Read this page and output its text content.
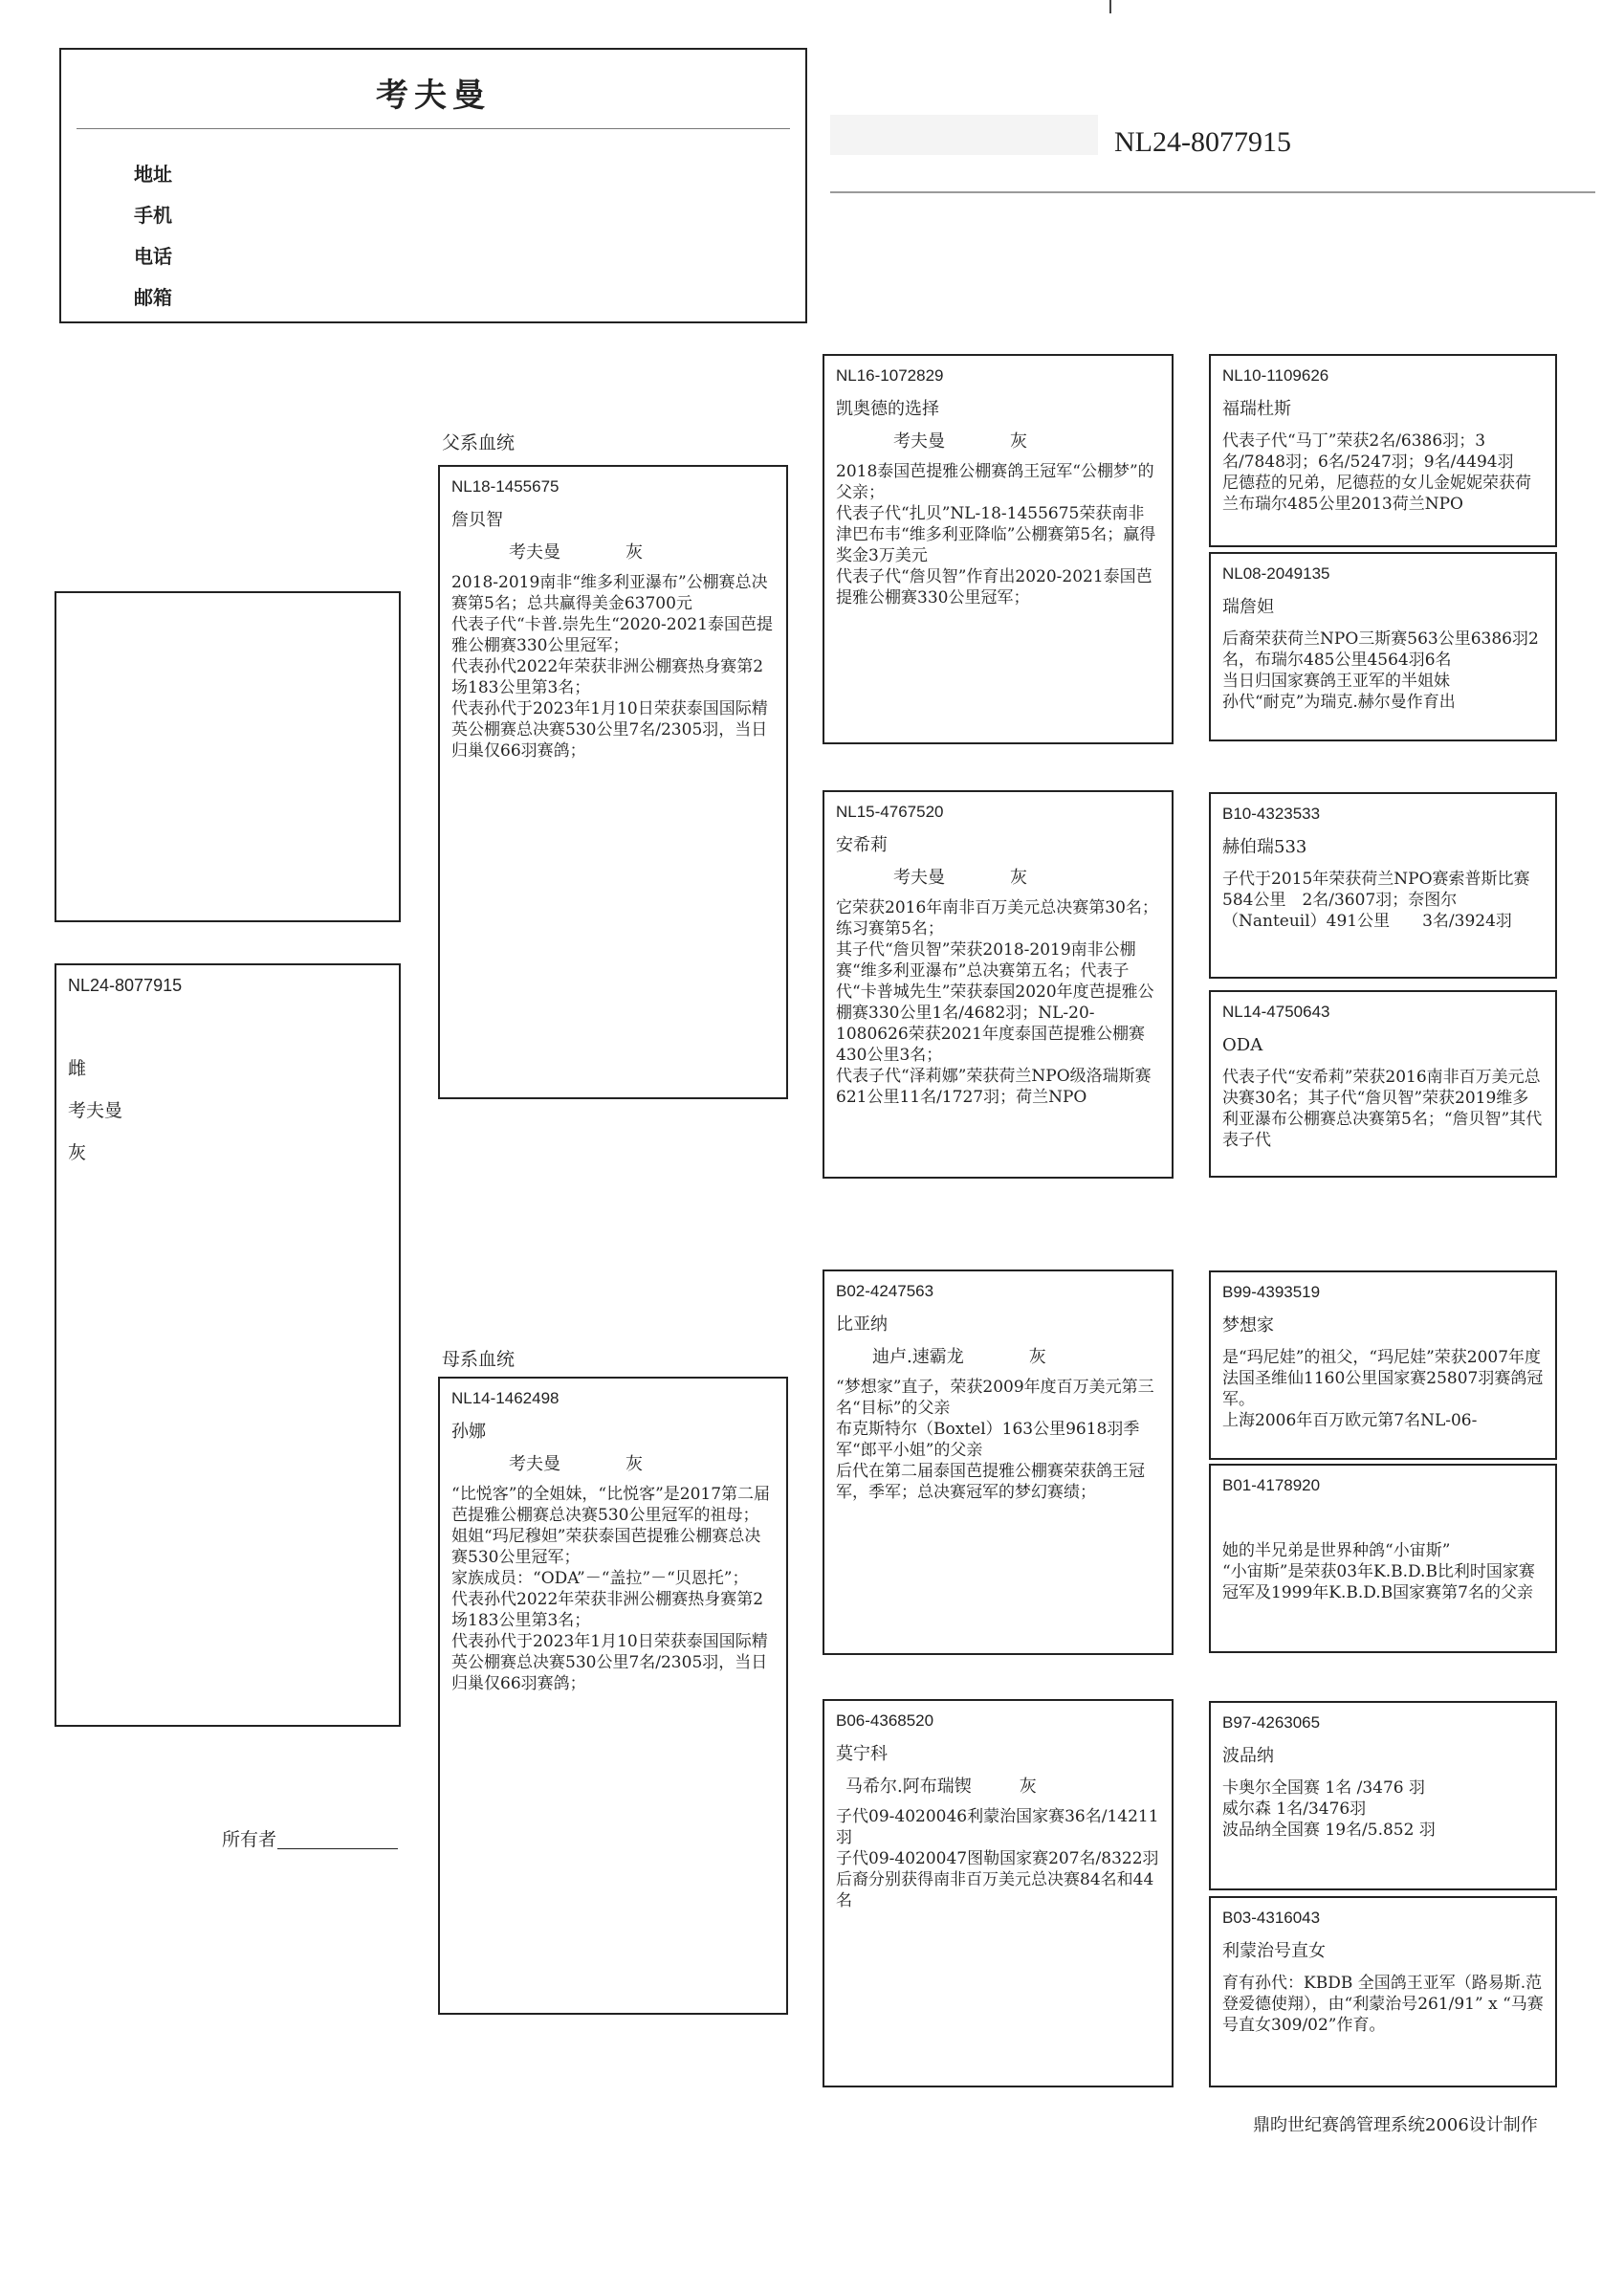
考夫曼
地址
手机
电话
邮箱
NL24-8077915
NL24-8077915
雌
考夫曼
灰
所有者
父系血统
母系血统
NL18-1455675
詹贝智
考夫曼	灰
2018-2019南非“维多利亚瀑布”公棚赛总决赛第5名；总共赢得美金63700元
代表子代“卡普.崇先生“2020-2021泰国芭提雅公棚赛330公里冠军；
代表孙代2022年荣获非洲公棚赛热身赛第2场183公里第3名；
代表孙代于2023年1月10日荣获泰国国际精英公棚赛总决赛530公里7名/2305羽，当日归巢仅66羽赛鸽；
NL14-1462498
孙娜
考夫曼	灰
“比悦客”的全姐妹，“比悦客”是2017第二届芭提雅公棚赛总决赛530公里冠军的祖母；
姐姐“玛尼穆妲”荣获泰国芭提雅公棚赛总决赛530公里冠军；
家族成员：“ODA”－“盖拉”－“贝恩托”；
代表孙代2022年荣获非洲公棚赛热身赛第2场183公里第3名；
代表孙代于2023年1月10日荣获泰国国际精英公棚赛总决赛530公里7名/2305羽，当日归巢仅66羽赛鸽；
NL16-1072829
凯奥德的选择
考夫曼	灰
2018泰国芭提雅公棚赛鸽王冠军“公棚梦”的父亲；
代表子代“扎贝”NL-18-1455675荣获南非津巴布韦“维多利亚降临”公棚赛第5名；赢得奖金3万美元
代表子代“詹贝智”作育出2020-2021泰国芭提雅公棚赛330公里冠军；
NL15-4767520
安希莉
考夫曼	灰
它荣获2016年南非百万美元总决赛第30名；练习赛第5名；
其子代“詹贝智”荣获2018-2019南非公棚赛“维多利亚瀑布”总决赛第五名；代表子代“卡普城先生”荣获泰国2020年度芭提雅公棚赛330公里1名/4682羽；NL-20-1080626荣获2021年度泰国芭提雅公棚赛430公里3名；
代表子代“泽莉娜”荣获荷兰NPO级洛瑞斯赛621公里11名/1727羽；荷兰NPO
B02-4247563
比亚纳
迪卢.速霸龙	灰
“梦想家”直子，荣获2009年度百万美元第三名“目标”的父亲
布克斯特尔（Boxtel）163公里9618羽季军“郎平小姐”的父亲
后代在第二届泰国芭提雅公棚赛荣获鸽王冠军，季军；总决赛冠军的梦幻赛绩；
B06-4368520
莫宁科
马希尔.阿布瑞锲	灰
子代09-4020046利蒙治国家赛36名/14211羽
子代09-4020047图勒国家赛207名/8322羽
后裔分别获得南非百万美元总决赛84名和44名
NL10-1109626
福瑞杜斯
代表子代“马丁”荣获2名/6386羽；3名/7848羽；6名/5247羽；9名/4494羽
尼德菈的兄弟，尼德菈的女儿金妮妮荣获荷兰布瑞尔485公里2013荷兰NPO
NL08-2049135
瑞詹妲
后裔荣获荷兰NPO三斯赛563公里6386羽2名，布瑞尔485公里4564羽6名
当日归国家赛鸽王亚军的半姐妹
孙代“耐克”为瑞克.赫尔曼作育出
B10-4323533
赫伯瑞533
子代于2015年荣获荷兰NPO赛索普斯比赛584公里　2名/3607羽；奈图尔（Nanteuil）491公里　　3名/3924羽
NL14-4750643
ODA
代表子代“安希莉”荣获2016南非百万美元总决赛30名；其子代“詹贝智”荣获2019维多利亚瀑布公棚赛总决赛第5名；“詹贝智”其代表子代
B99-4393519
梦想家
是“玛尼娃”的祖父，“玛尼娃”荣获2007年度法国圣维仙1160公里国家赛25807羽赛鸽冠军。
上海2006年百万欧元第7名NL-06-
B01-4178920
她的半兄弟是世界种鸽“小宙斯”
“小宙斯”是荣获03年K.B.D.B比利时国家赛冠军及1999年K.B.D.B国家赛第7名的父亲
B97-4263065
波品纳
卡奥尔全国赛 1名 /3476 羽
威尔森 1名/3476羽
波品纳全国赛 19名/5.852 羽
B03-4316043
利蒙治号直女
育有孙代：KBDB 全国鸽王亚军（路易斯.范登爱德使翔），由“利蒙治号261/91” x “马赛号直女309/02”作育。
鼎昀世纪赛鸽管理系统2006设计制作
